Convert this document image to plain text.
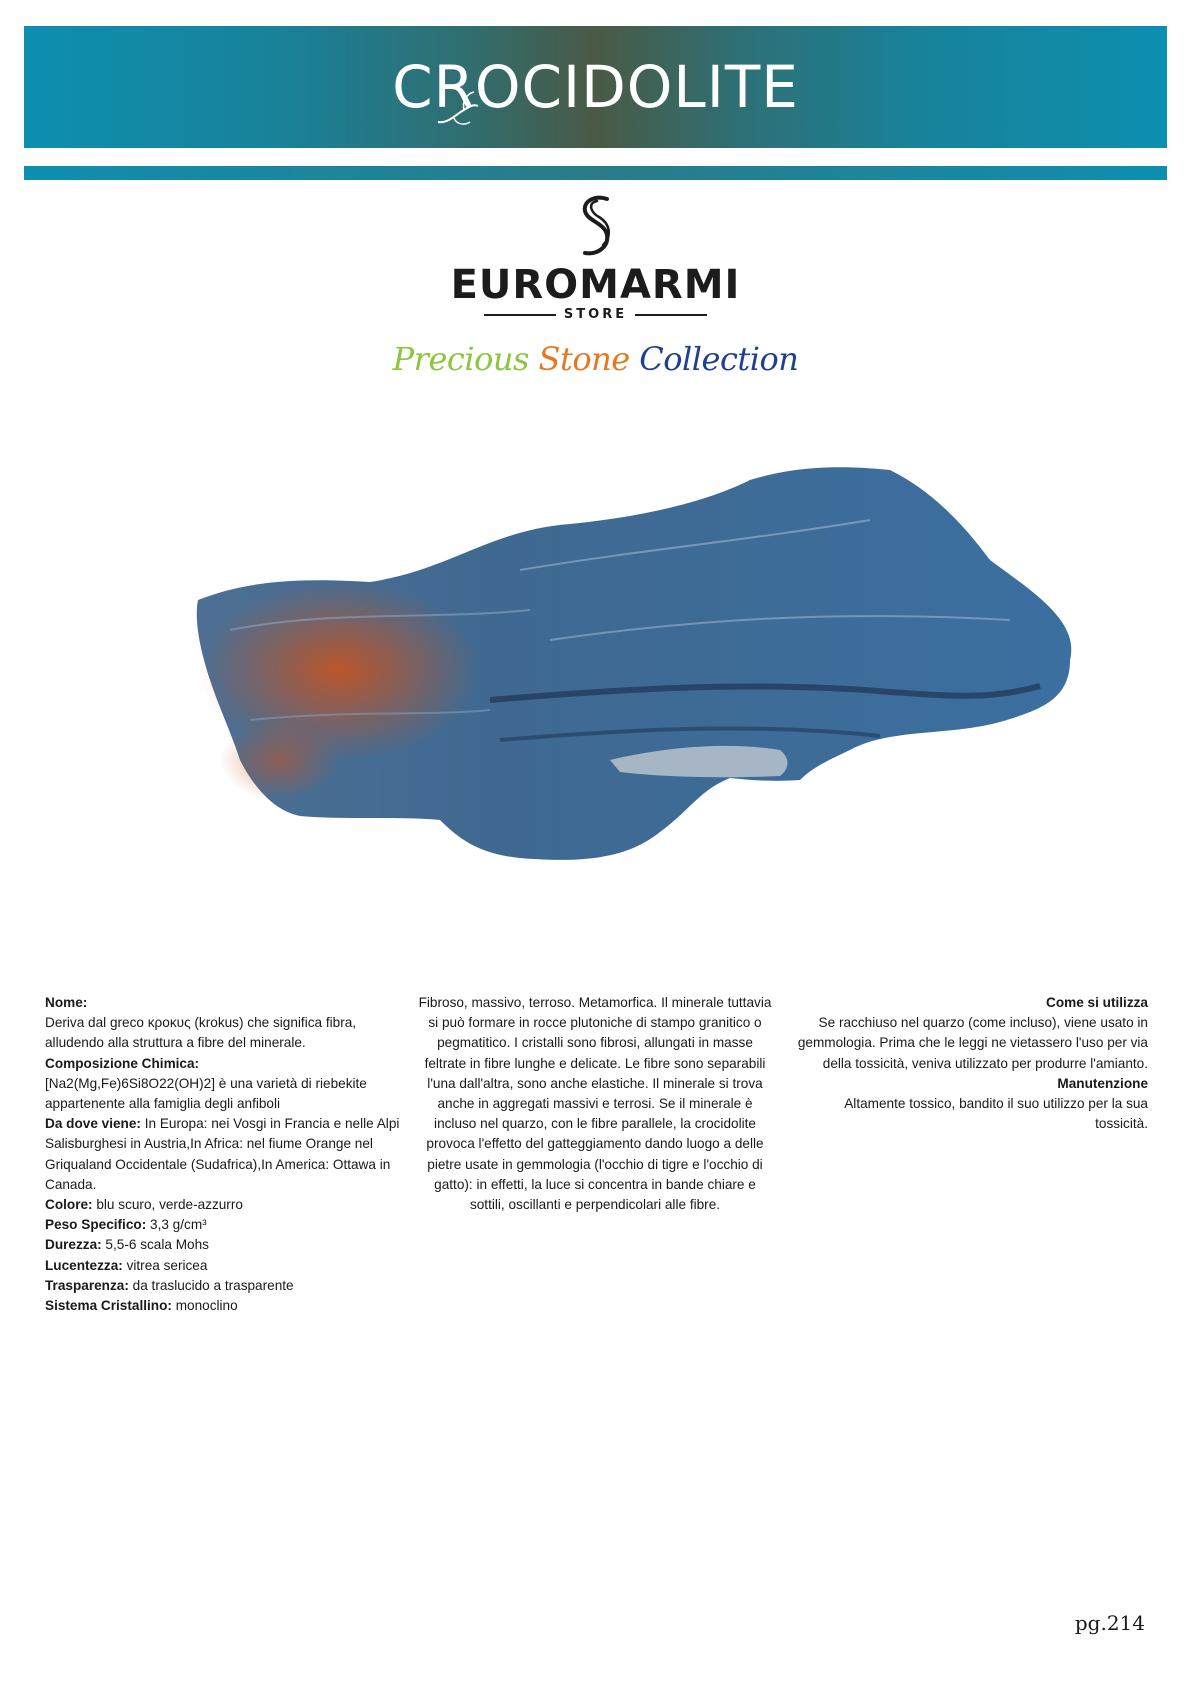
CROCIDOLITE
EUROMARMI
STORE
Precious Stone Collection
Nome:
Deriva dal greco κροκυς (krokus) che significa fibra, alludendo alla struttura a fibre del minerale.
Composizione Chimica:
[Na2(Mg,Fe)6Si8O22(OH)2] è una varietà di riebekite appartenente alla famiglia degli anfiboli
Da dove viene: In Europa: nei Vosgi in Francia e nelle Alpi Salisburghesi in Austria,In Africa: nel fiume Orange nel Griqualand Occidentale (Sudafrica),In America: Ottawa in Canada.
Colore: blu scuro, verde-azzurro
Peso Specifico: 3,3 g/cm³
Durezza: 5,5-6 scala Mohs
Lucentezza: vitrea sericea
Trasparenza: da traslucido a trasparente
Sistema Cristallino: monoclino
Fibroso, massivo, terroso. Metamorfica. Il minerale tuttavia si può formare in rocce plutoniche di stampo granitico o pegmatitico. I cristalli sono fibrosi, allungati in masse feltrate in fibre lunghe e delicate. Le fibre sono separabili l'una dall'altra, sono anche elastiche. Il minerale si trova anche in aggregati massivi e terrosi. Se il minerale è incluso nel quarzo, con le fibre parallele, la crocidolite provoca l'effetto del gatteggiamento dando luogo a delle pietre usate in gemmologia (l'occhio di tigre e l'occhio di gatto): in effetti, la luce si concentra in bande chiare e sottili, oscillanti e perpendicolari alle fibre.
Come si utilizza
Se racchiuso nel quarzo (come incluso), viene usato in gemmologia. Prima che le leggi ne vietassero l'uso per via della tossicità, veniva utilizzato per produrre l'amianto.
Manutenzione
Altamente tossico, bandito il suo utilizzo per la sua tossicità.
pg.214
